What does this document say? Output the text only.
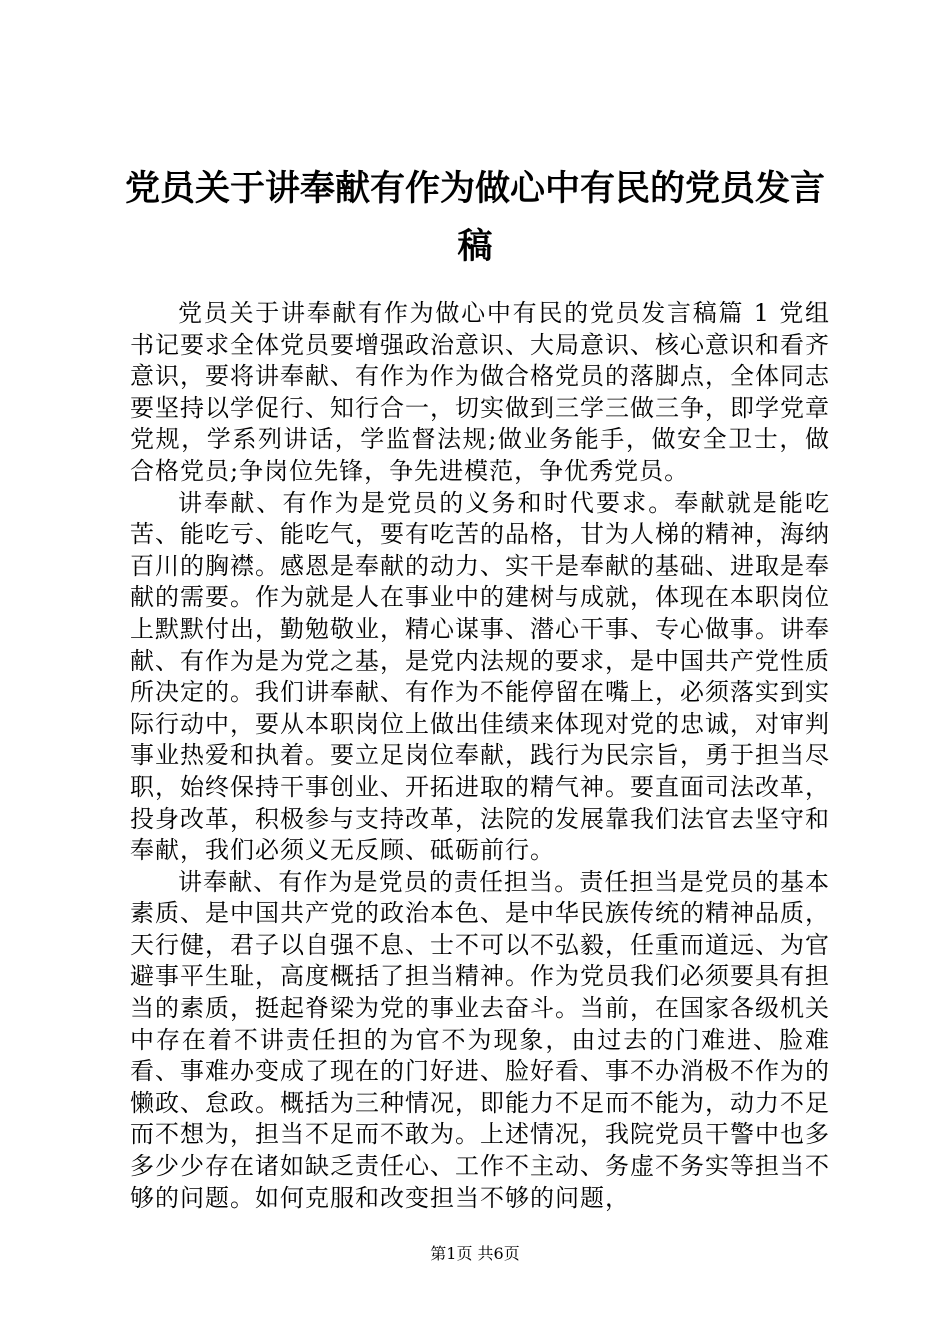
党员关于讲奉献有作为做心中有民的党员发言稿

党员关于讲奉献有作为做心中有民的党员发言稿篇 1 党组书记要求全体党员要增强政治意识、大局意识、核心意识和看齐意识，要将讲奉献、有作为作为做合格党员的落脚点，全体同志要坚持以学促行、知行合一，切实做到三学三做三争，即学党章党规，学系列讲话，学监督法规;做业务能手，做安全卫士，做合格党员;争岗位先锋，争先进模范，争优秀党员。

讲奉献、有作为是党员的义务和时代要求。奉献就是能吃苦、能吃亏、能吃气，要有吃苦的品格，甘为人梯的精神，海纳百川的胸襟。感恩是奉献的动力、实干是奉献的基础、进取是奉献的需要。作为就是人在事业中的建树与成就，体现在本职岗位上默默付出，勤勉敬业，精心谋事、潜心干事、专心做事。讲奉献、有作为是为党之基，是党内法规的要求，是中国共产党性质所决定的。我们讲奉献、有作为不能停留在嘴上，必须落实到实际行动中，要从本职岗位上做出佳绩来体现对党的忠诚，对审判事业热爱和执着。要立足岗位奉献，践行为民宗旨，勇于担当尽职，始终保持干事创业、开拓进取的精气神。要直面司法改革，投身改革，积极参与支持改革，法院的发展靠我们法官去坚守和奉献，我们必须义无反顾、砥砺前行。

讲奉献、有作为是党员的责任担当。责任担当是党员的基本素质、是中国共产党的政治本色、是中华民族传统的精神品质，天行健，君子以自强不息、士不可以不弘毅，任重而道远、为官避事平生耻，高度概括了担当精神。作为党员我们必须要具有担当的素质，挺起脊梁为党的事业去奋斗。当前，在国家各级机关中存在着不讲责任担的为官不为现象，由过去的门难进、脸难看、事难办变成了现在的门好进、脸好看、事不办消极不作为的懒政、怠政。概括为三种情况，即能力不足而不能为，动力不足而不想为，担当不足而不敢为。上述情况，我院党员干警中也多多少少存在诸如缺乏责任心、工作不主动、务虚不务实等担当不够的问题。如何克服和改变担当不够的问题，

第1页 共6页
